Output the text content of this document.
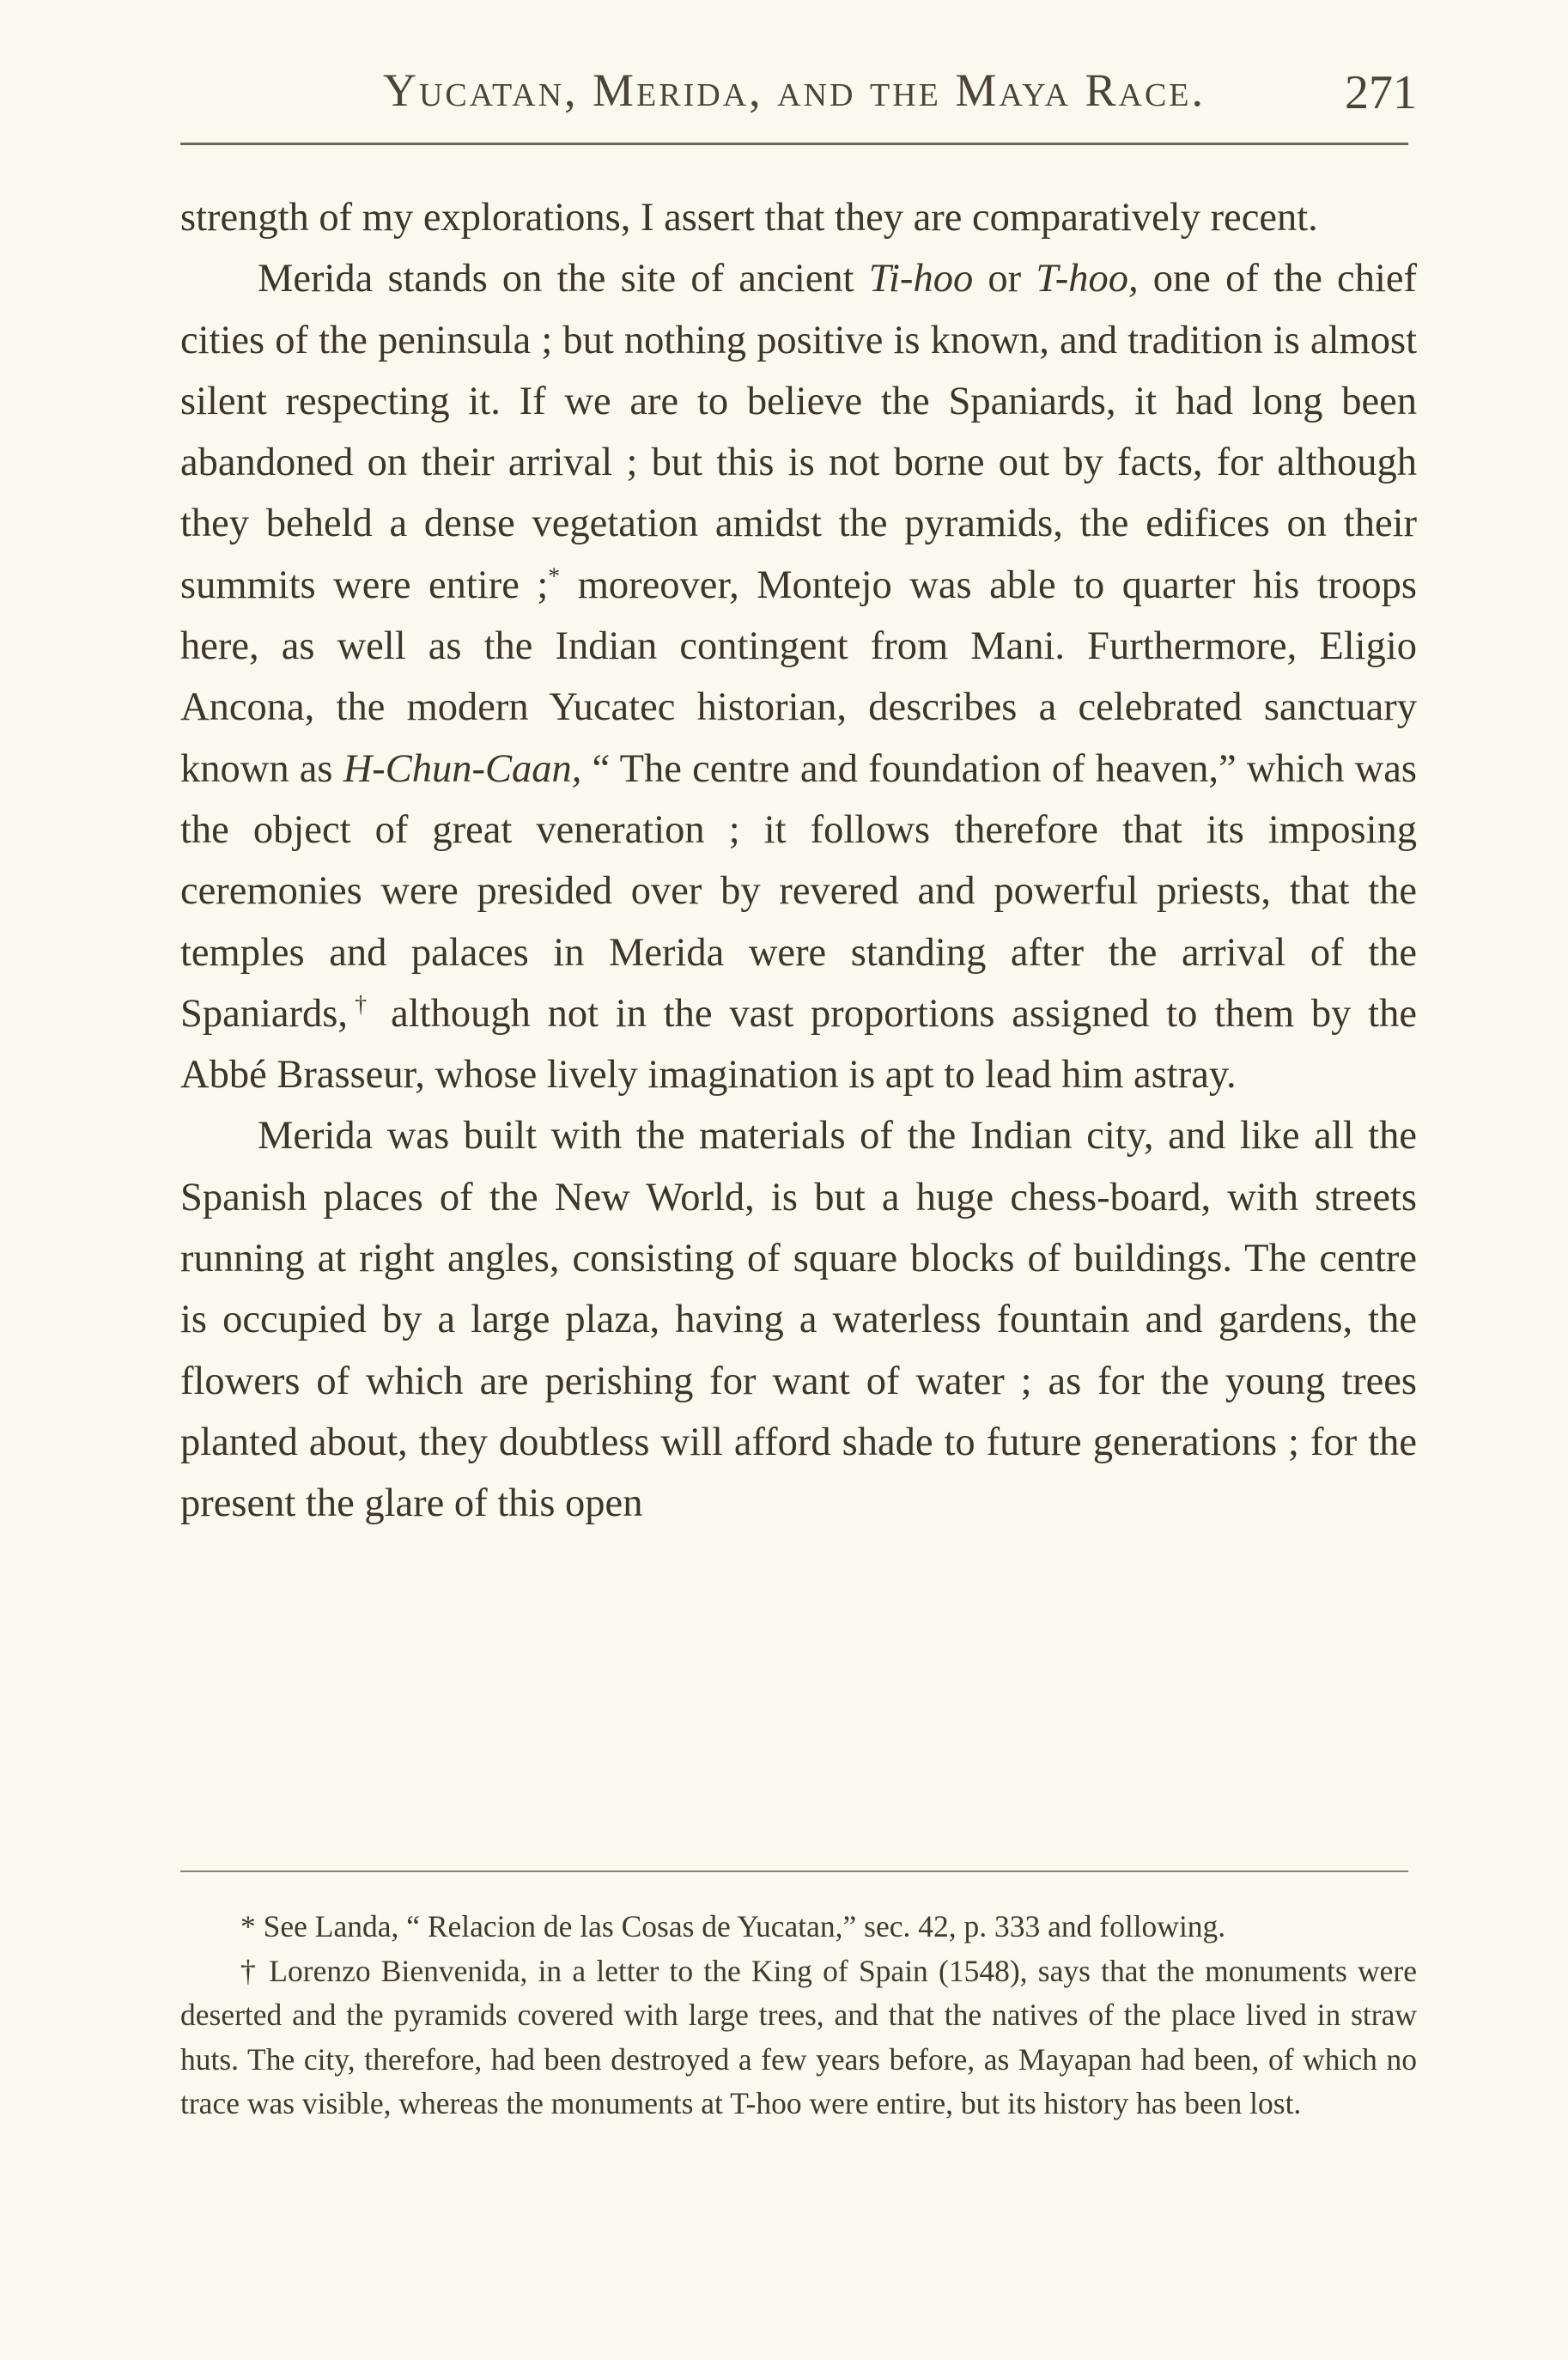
Yucatan, Merida, and the Maya Race.	271

strength of my explorations, I assert that they are comparatively recent.

Merida stands on the site of ancient Ti-hoo or T-hoo, one of the chief cities of the peninsula ; but nothing positive is known, and tradition is almost silent respecting it. If we are to believe the Spaniards, it had long been abandoned on their arrival ; but this is not borne out by facts, for although they beheld a dense vegetation amidst the pyramids, the edifices on their summits were entire ;* moreover, Montejo was able to quarter his troops here, as well as the Indian contingent from Mani. Furthermore, Eligio Ancona, the modern Yucatec historian, describes a celebrated sanctuary known as H-Chun-Caan, “ The centre and foundation of heaven,” which was the object of great veneration ; it follows therefore that its imposing ceremonies were presided over by revered and powerful priests, that the temples and palaces in Merida were standing after the arrival of the Spaniards,† although not in the vast proportions assigned to them by the Abbé Brasseur, whose lively imagination is apt to lead him astray.

Merida was built with the materials of the Indian city, and like all the Spanish places of the New World, is but a huge chess-board, with streets running at right angles, consisting of square blocks of buildings. The centre is occupied by a large plaza, having a waterless fountain and gardens, the flowers of which are perishing for want of water ; as for the young trees planted about, they doubtless will afford shade to future generations ; for the present the glare of this open

* See Landa, “ Relacion de las Cosas de Yucatan,” sec. 42, p. 333 and following.

† Lorenzo Bienvenida, in a letter to the King of Spain (1548), says that the monuments were deserted and the pyramids covered with large trees, and that the natives of the place lived in straw huts. The city, therefore, had been destroyed a few years before, as Mayapan had been, of which no trace was visible, whereas the monuments at T-hoo were entire, but its history has been lost.
